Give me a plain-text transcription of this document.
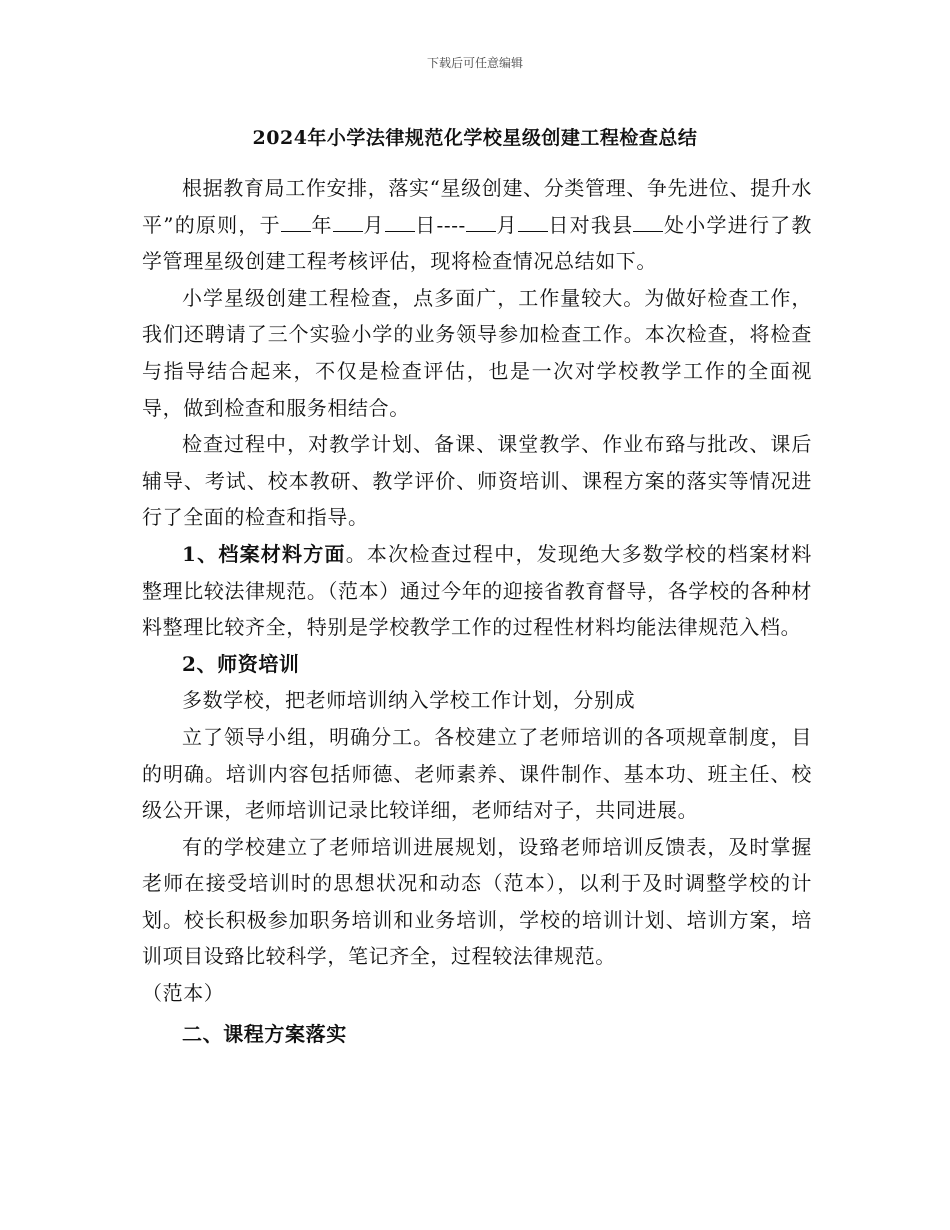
下载后可任意编辑
2024年小学法律规范化学校星级创建工程检查总结

根据教育局工作安排，落实“星级创建、分类管理、争先进位、提升水平”的原则，于 年 月 日---- 月 日对我县 处小学进行了教学管理星级创建工程考核评估，现将检查情况总结如下。

小学星级创建工程检查，点多面广，工作量较大。为做好检查工作，我们还聘请了三个实验小学的业务领导参加检查工作。本次检查，将检查与指导结合起来，不仅是检查评估，也是一次对学校教学工作的全面视导，做到检查和服务相结合。

检查过程中，对教学计划、备课、课堂教学、作业布臵与批改、课后辅导、考试、校本教研、教学评价、师资培训、课程方案的落实等情况进行了全面的检查和指导。

1、档案材料方面。本次检查过程中，发现绝大多数学校的档案材料整理比较法律规范。（范本）通过今年的迎接省教育督导，各学校的各种材料整理比较齐全，特别是学校教学工作的过程性材料均能法律规范入档。

2、师资培训

多数学校，把老师培训纳入学校工作计划，分别成

立了领导小组，明确分工。各校建立了老师培训的各项规章制度，目的明确。培训内容包括师德、老师素养、课件制作、基本功、班主任、校级公开课，老师培训记录比较详细，老师结对子，共同进展。

有的学校建立了老师培训进展规划，设臵老师培训反馈表，及时掌握老师在接受培训时的思想状况和动态（范本），以利于及时调整学校的计划。校长积极参加职务培训和业务培训，学校的培训计划、培训方案，培训项目设臵比较科学，笔记齐全，过程较法律规范。

（范本）

二、课程方案落实
